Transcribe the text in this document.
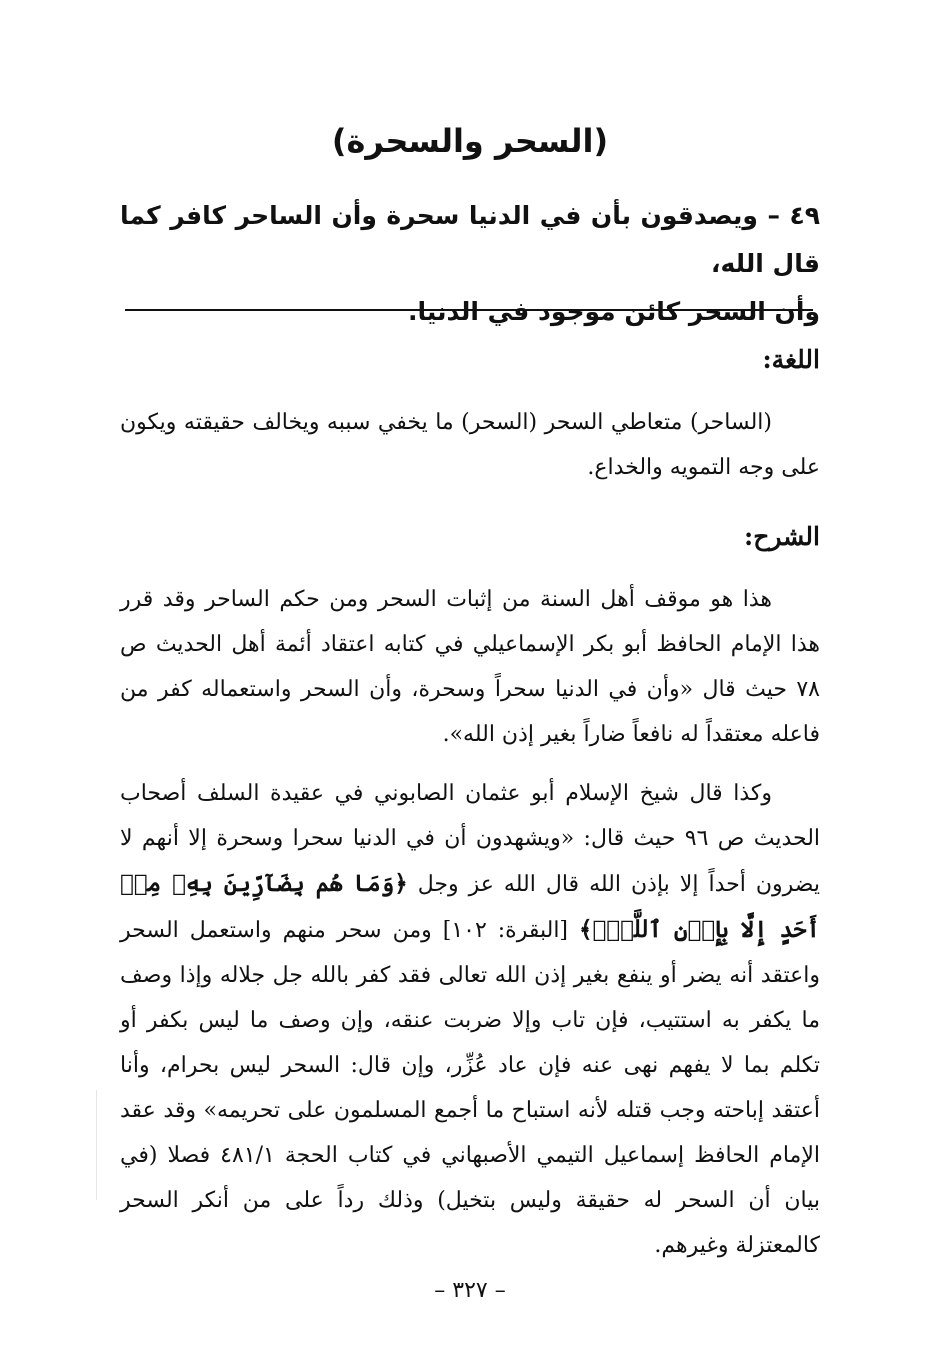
(السحر والسحرة)

٤٩ – ويصدقون بأن في الدنيا سحرة وأن الساحر كافر كما قال الله،

وأن السحر كائن موجود في الدنيا.

اللغة:

(الساحر) متعاطي السحر (السحر) ما يخفي سببه ويخالف حقيقته ويكون على وجه التمويه والخداع.

الشرح:

هذا هو موقف أهل السنة من إثبات السحر ومن حكم الساحر وقد قرر هذا الإمام الحافظ أبو بكر الإسماعيلي في كتابه اعتقاد أئمة أهل الحديث ص ٧٨ حيث قال «وأن في الدنيا سحراً وسحرة، وأن السحر واستعماله كفر من فاعله معتقداً له نافعاً ضاراً بغير إذن الله».

وكذا قال شيخ الإسلام أبو عثمان الصابوني في عقيدة السلف أصحاب الحديث ص ٩٦ حيث قال: «ويشهدون أن في الدنيا سحرا وسحرة إلا أنهم لا يضرون أحداً إلا بإذن الله قال الله عز وجل ﴿وَمَا هُم بِضَآرِّينَ بِهِۦ مِنۡ أَحَدٍ إِلَّا بِإِذۡنِ ٱللَّهِۚ﴾ [البقرة: ١٠٢] ومن سحر منهم واستعمل السحر واعتقد أنه يضر أو ينفع بغير إذن الله تعالى فقد كفر بالله جل جلاله وإذا وصف ما يكفر به استتيب، فإن تاب وإلا ضربت عنقه، وإن وصف ما ليس بكفر أو تكلم بما لا يفهم نهى عنه فإن عاد عُزِّر، وإن قال: السحر ليس بحرام، وأنا أعتقد إباحته وجب قتله لأنه استباح ما أجمع المسلمون على تحريمه» وقد عقد الإمام الحافظ إسماعيل التيمي الأصبهاني في كتاب الحجة ٤٨١/١ فصلا (في بيان أن السحر له حقيقة وليس بتخيل) وذلك رداً على من أنكر السحر كالمعتزلة وغيرهم.

– ٣٢٧ –
